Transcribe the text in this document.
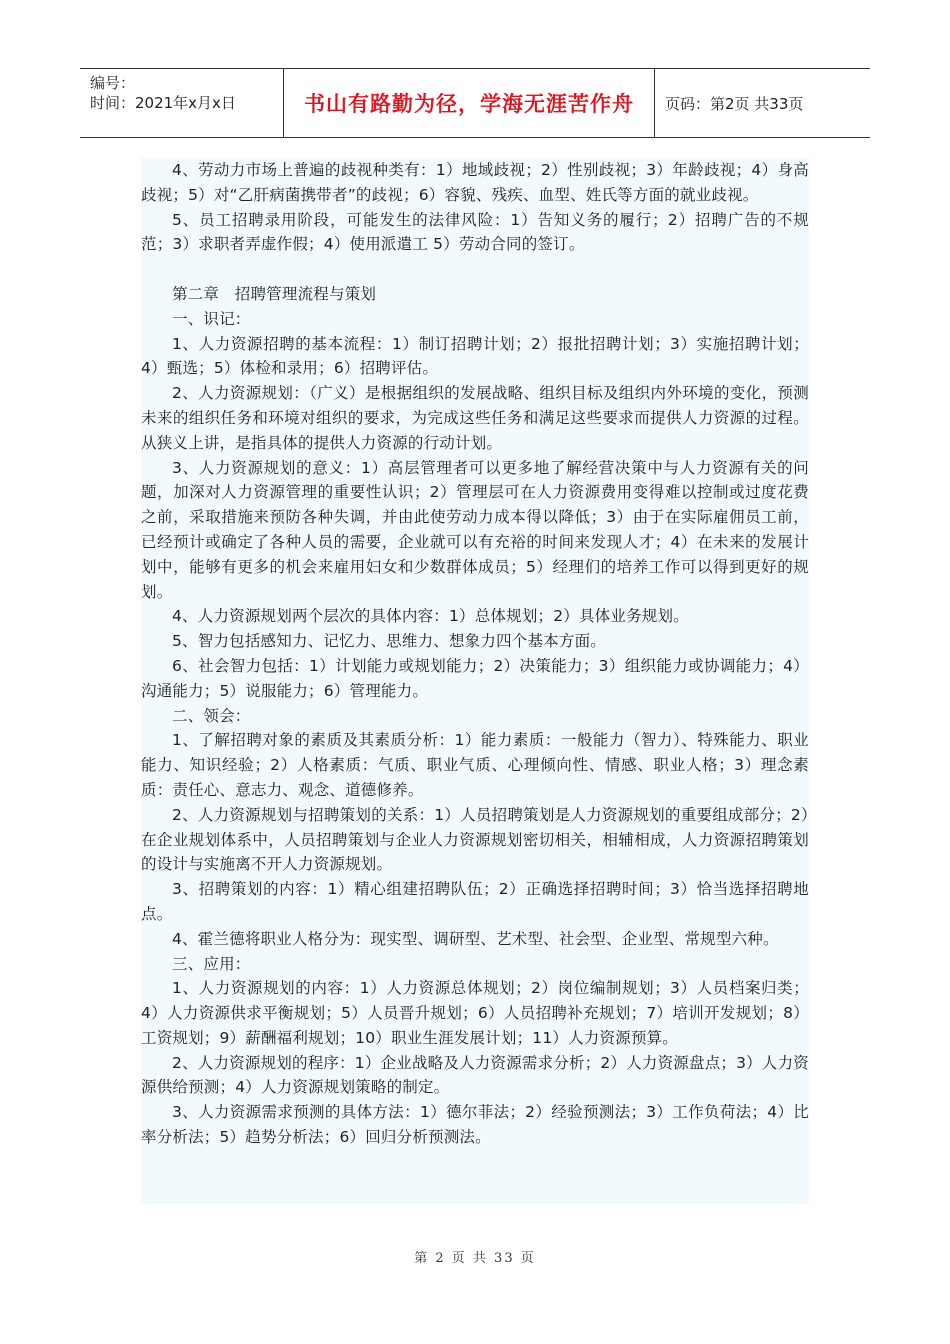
编号：
时间：2021年x月x日	书山有路勤为径，学海无涯苦作舟	页码：第2页 共33页

4、劳动力市场上普遍的歧视种类有：1）地域歧视；2）性别歧视；3）年龄歧视；4）身高歧视；5）对“乙肝病菌携带者”的歧视；6）容貌、残疾、血型、姓氏等方面的就业歧视。

5、员工招聘录用阶段，可能发生的法律风险：1）告知义务的履行；2）招聘广告的不规范；3）求职者弄虚作假；4）使用派遣工 5）劳动合同的签订。

第二章　招聘管理流程与策划

一、识记：

1、人力资源招聘的基本流程：1）制订招聘计划；2）报批招聘计划；3）实施招聘计划；4）甄选；5）体检和录用；6）招聘评估。

2、人力资源规划：（广义）是根据组织的发展战略、组织目标及组织内外环境的变化，预测未来的组织任务和环境对组织的要求，为完成这些任务和满足这些要求而提供人力资源的过程。从狭义上讲，是指具体的提供人力资源的行动计划。

3、人力资源规划的意义：1）高层管理者可以更多地了解经营决策中与人力资源有关的问题，加深对人力资源管理的重要性认识；2）管理层可在人力资源费用变得难以控制或过度花费之前，采取措施来预防各种失调，并由此使劳动力成本得以降低；3）由于在实际雇佣员工前，已经预计或确定了各种人员的需要，企业就可以有充裕的时间来发现人才；4）在未来的发展计划中，能够有更多的机会来雇用妇女和少数群体成员；5）经理们的培养工作可以得到更好的规划。

4、人力资源规划两个层次的具体内容：1）总体规划；2）具体业务规划。

5、智力包括感知力、记忆力、思维力、想象力四个基本方面。

6、社会智力包括：1）计划能力或规划能力；2）决策能力；3）组织能力或协调能力；4）沟通能力；5）说服能力；6）管理能力。

二、领会：

1、了解招聘对象的素质及其素质分析：1）能力素质：一般能力（智力）、特殊能力、职业能力、知识经验；2）人格素质：气质、职业气质、心理倾向性、情感、职业人格；3）理念素质：责任心、意志力、观念、道德修养。

2、人力资源规划与招聘策划的关系：1）人员招聘策划是人力资源规划的重要组成部分；2）在企业规划体系中，人员招聘策划与企业人力资源规划密切相关，相辅相成，人力资源招聘策划的设计与实施离不开人力资源规划。

3、招聘策划的内容：1）精心组建招聘队伍；2）正确选择招聘时间；3）恰当选择招聘地点。

4、霍兰德将职业人格分为：现实型、调研型、艺术型、社会型、企业型、常规型六种。

三、应用：

1、人力资源规划的内容：1）人力资源总体规划；2）岗位编制规划；3）人员档案归类；4）人力资源供求平衡规划；5）人员晋升规划；6）人员招聘补充规划；7）培训开发规划；8）工资规划；9）薪酬福利规划；10）职业生涯发展计划；11）人力资源预算。

2、人力资源规划的程序：1）企业战略及人力资源需求分析；2）人力资源盘点；3）人力资源供给预测；4）人力资源规划策略的制定。

3、人力资源需求预测的具体方法：1）德尔菲法；2）经验预测法；3）工作负荷法；4）比率分析法；5）趋势分析法；6）回归分析预测法。

第 2 页 共 33 页
